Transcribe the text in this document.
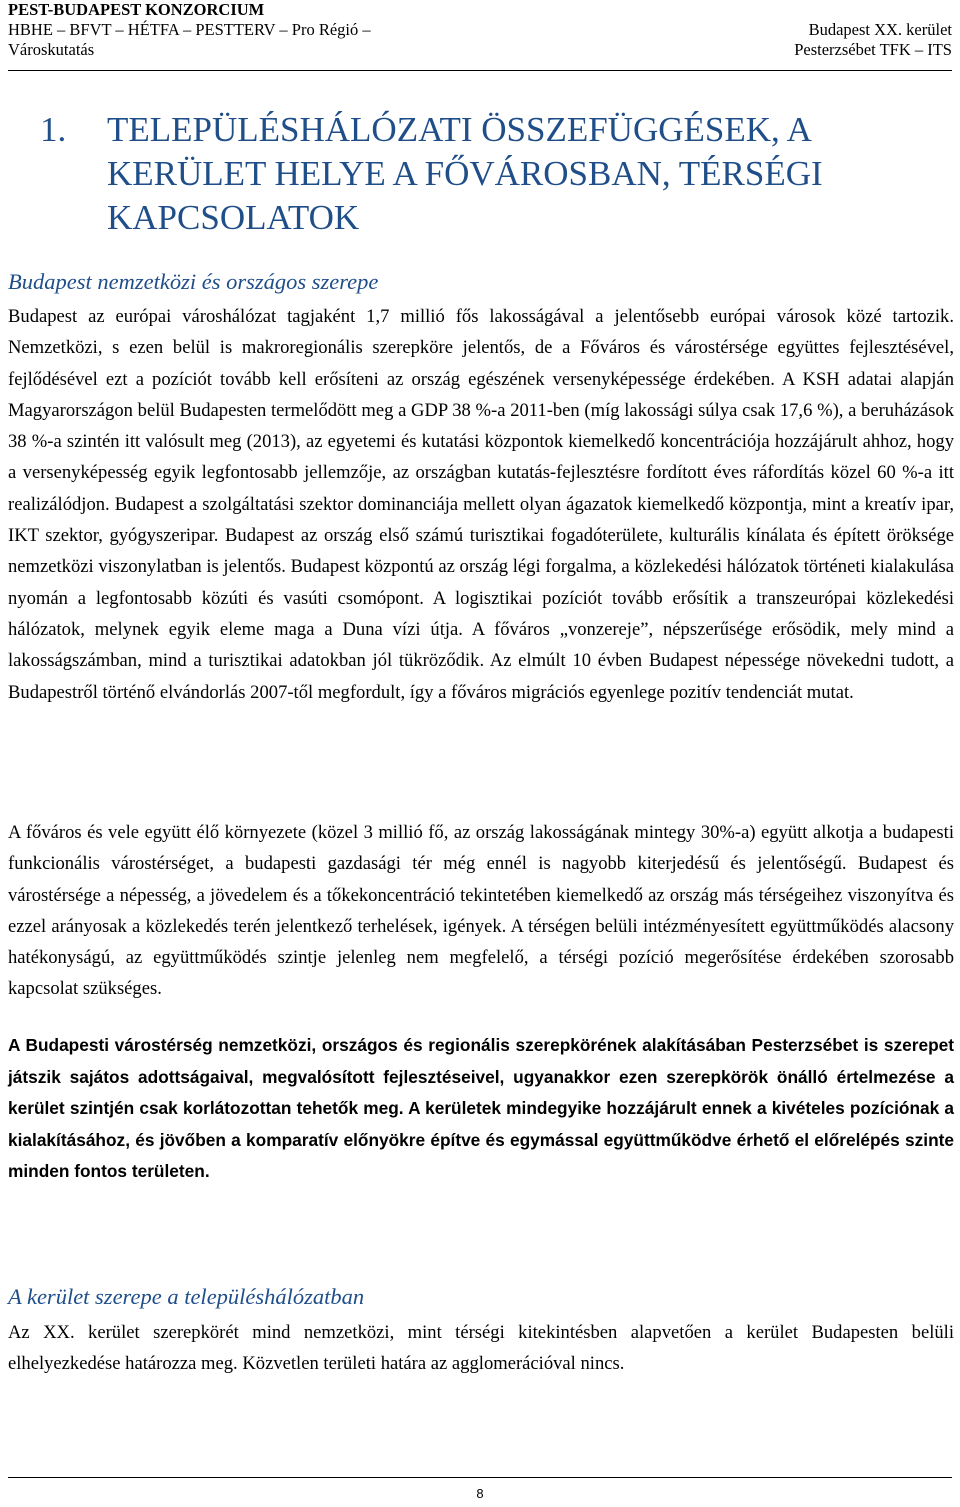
PEST-BUDAPEST KONZORCIUM
HBHE – BFVT – HÉTFA – PESTTERV – Pro Régió –
Városkutatás
Budapest XX. kerület
Pesterzsébet TFK – ITS
1.	TELEPÜLÉSHÁLÓZATI ÖSSZEFÜGGÉSEK, A KERÜLET HELYE A FŐVÁROSBAN, TÉRSÉGI KAPCSOLATOK
Budapest nemzetközi és országos szerepe

Budapest az európai városhálózat tagjaként 1,7 millió fős lakosságával a jelentősebb európai városok közé tartozik. Nemzetközi, s ezen belül is makroregionális szerepköre jelentős, de a Főváros és várostérsége együttes fejlesztésével, fejlődésével ezt a pozíciót tovább kell erősíteni az ország egészének versenyképessége érdekében. A KSH adatai alapján Magyarországon belül Budapesten termelődött meg a GDP 38 %-a 2011-ben (míg lakossági súlya csak 17,6 %), a beruházások 38 %-a szintén itt valósult meg (2013), az egyetemi és kutatási központok kiemelkedő koncentrációja hozzájárult ahhoz, hogy a versenyképesség egyik legfontosabb jellemzője, az országban kutatás-fejlesztésre fordított éves ráfordítás közel 60 %-a itt realizálódjon. Budapest a szolgáltatási szektor dominanciája mellett olyan ágazatok kiemelkedő központja, mint a kreatív ipar, IKT szektor, gyógyszeripar. Budapest az ország első számú turisztikai fogadóterülete, kulturális kínálata és épített öröksége nemzetközi viszonylatban is jelentős. Budapest központú az ország légi forgalma, a közlekedési hálózatok történeti kialakulása nyomán a legfontosabb közúti és vasúti csomópont. A logisztikai pozíciót tovább erősítik a transzeurópai közlekedési hálózatok, melynek egyik eleme maga a Duna vízi útja. A főváros „vonzereje”, népszerűsége erősödik, mely mind a lakosságszámban, mind a turisztikai adatokban jól tükröződik. Az elmúlt 10 évben Budapest népessége növekedni tudott, a Budapestről történő elvándorlás 2007-től megfordult, így a főváros migrációs egyenlege pozitív tendenciát mutat.

A főváros és vele együtt élő környezete (közel 3 millió fő, az ország lakosságának mintegy 30%-a) együtt alkotja a budapesti funkcionális várostérséget, a budapesti gazdasági tér még ennél is nagyobb kiterjedésű és jelentőségű. Budapest és várostérsége a népesség, a jövedelem és a tőkekoncentráció tekintetében kiemelkedő az ország más térségeihez viszonyítva és ezzel arányosak a közlekedés terén jelentkező terhelések, igények. A térségen belüli intézményesített együttműködés alacsony hatékonyságú, az együttműködés szintje jelenleg nem megfelelő, a térségi pozíció megerősítése érdekében szorosabb kapcsolat szükséges.

A Budapesti várostérség nemzetközi, országos és regionális szerepkörének alakításában Pesterzsébet is szerepet játszik sajátos adottságaival, megvalósított fejlesztéseivel, ugyanakkor ezen szerepkörök önálló értelmezése a kerület szintjén csak korlátozottan tehetők meg. A kerületek mindegyike hozzájárult ennek a kivételes pozíciónak a kialakításához, és jövőben a komparatív előnyökre építve és egymással együttműködve érhető el előrelépés szinte minden fontos területen.

A kerület szerepe a településhálózatban

Az XX. kerület szerepkörét mind nemzetközi, mint térségi kitekintésben alapvetően a kerület Budapesten belüli elhelyezkedése határozza meg. Közvetlen területi határa az agglomerációval nincs.

8
